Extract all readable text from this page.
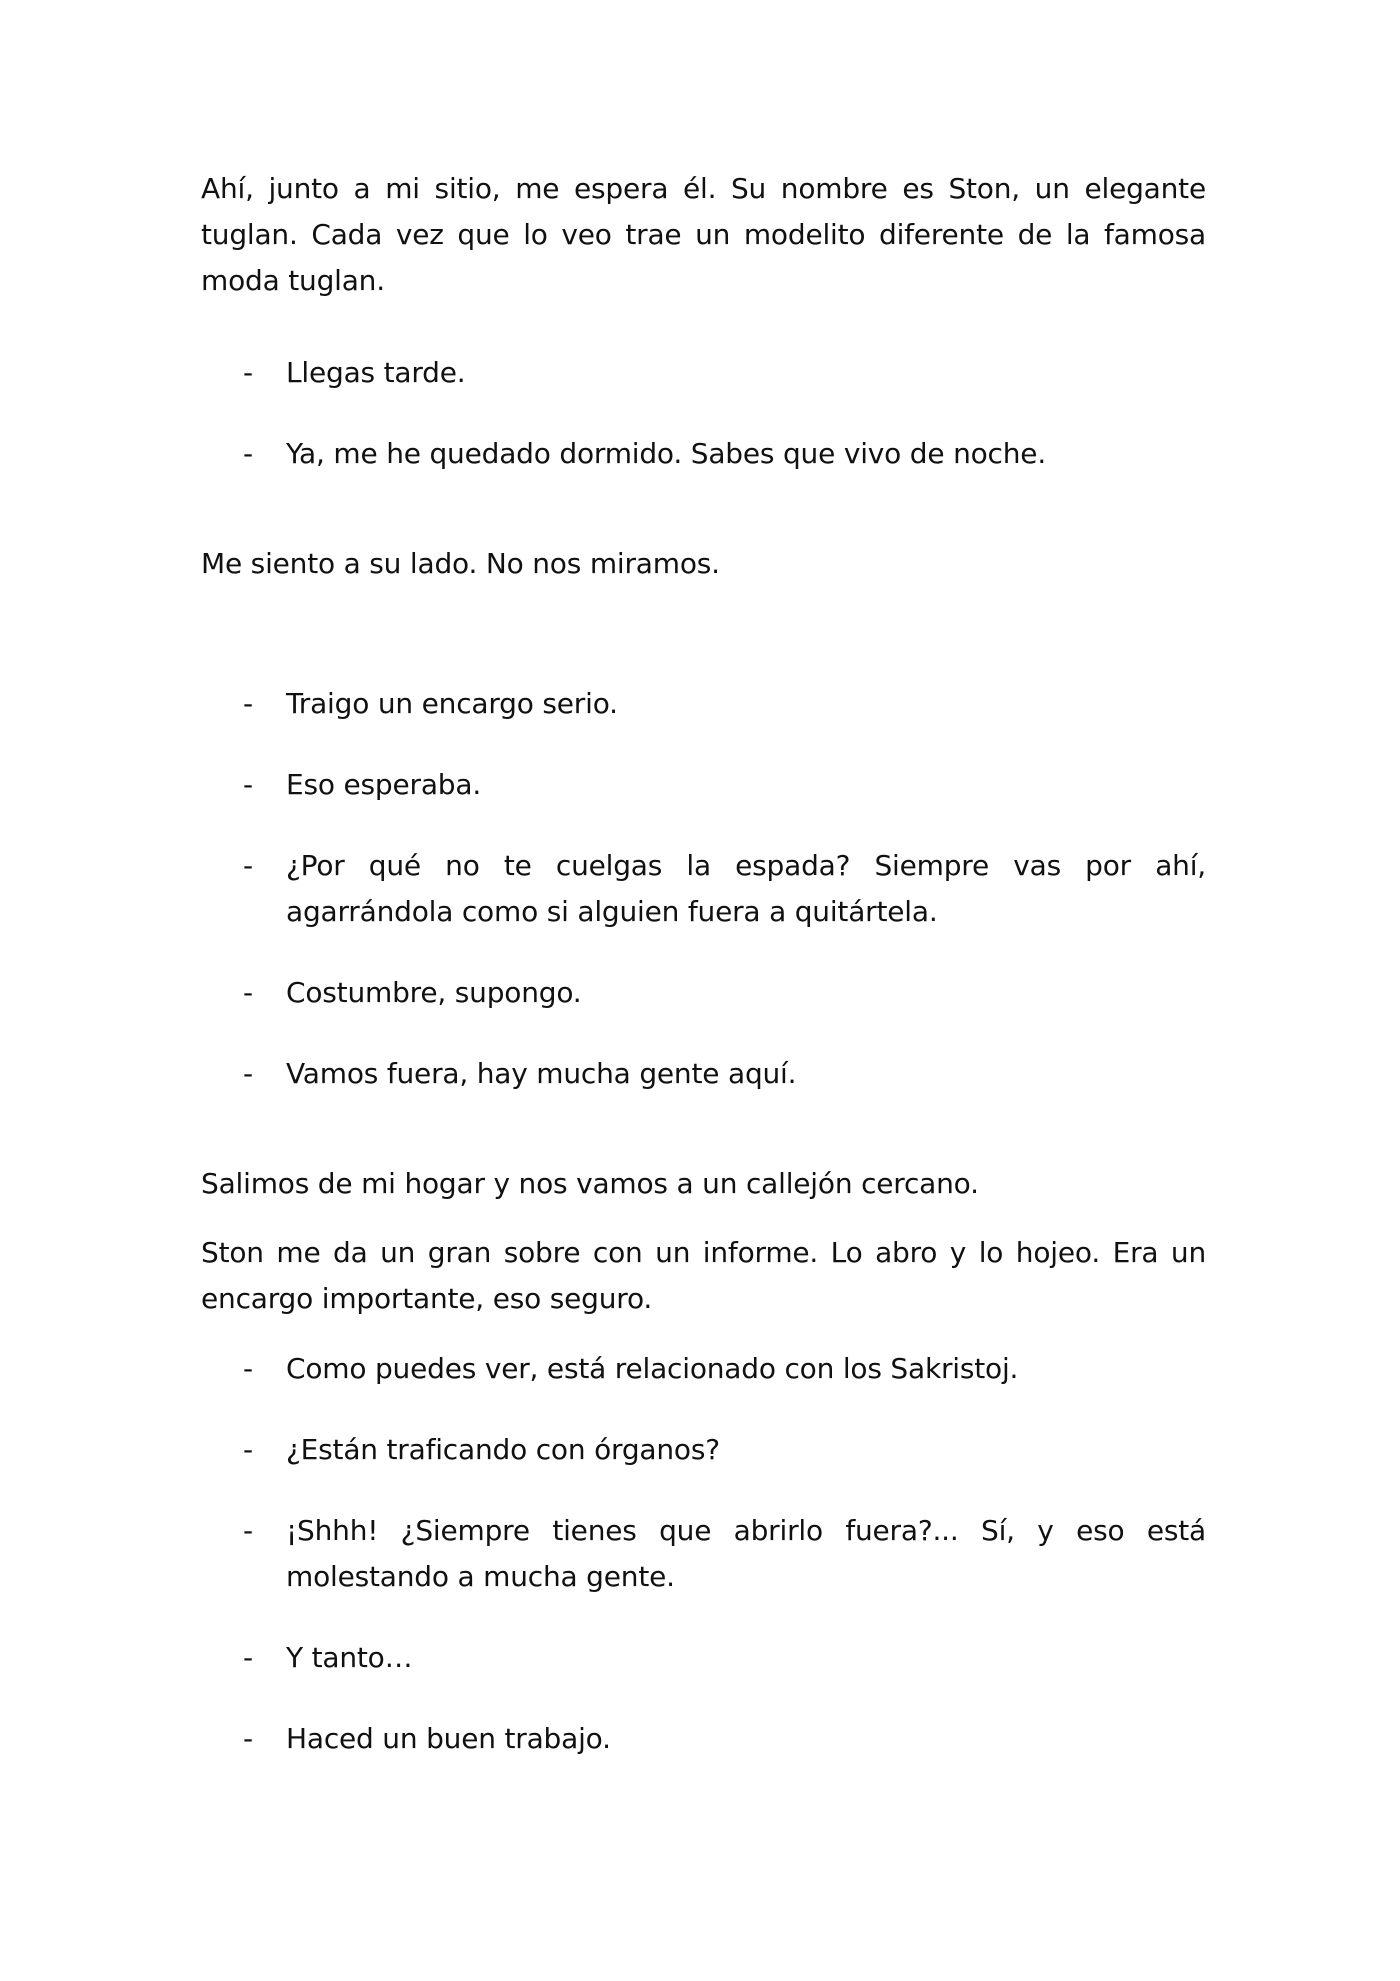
Ahí, junto a mi sitio, me espera él. Su nombre es Ston, un elegante tuglan. Cada vez que lo veo trae un modelito diferente de la famosa moda tuglan.

-	Llegas tarde.
-	Ya, me he quedado dormido. Sabes que vivo de noche.

Me siento a su lado. No nos miramos.

-	Traigo un encargo serio.
-	Eso esperaba.
-	¿Por qué no te cuelgas la espada? Siempre vas por ahí, agarrándola como si alguien fuera a quitártela.
-	Costumbre, supongo.
-	Vamos fuera, hay mucha gente aquí.

Salimos de mi hogar y nos vamos a un callejón cercano.

Ston me da un gran sobre con un informe. Lo abro y lo hojeo. Era un encargo importante, eso seguro.

-	Como puedes ver, está relacionado con los Sakristoj.
-	¿Están traficando con órganos?
-	¡Shhh! ¿Siempre tienes que abrirlo fuera?... Sí, y eso está molestando a mucha gente.
-	Y tanto…
-	Haced un buen trabajo.
